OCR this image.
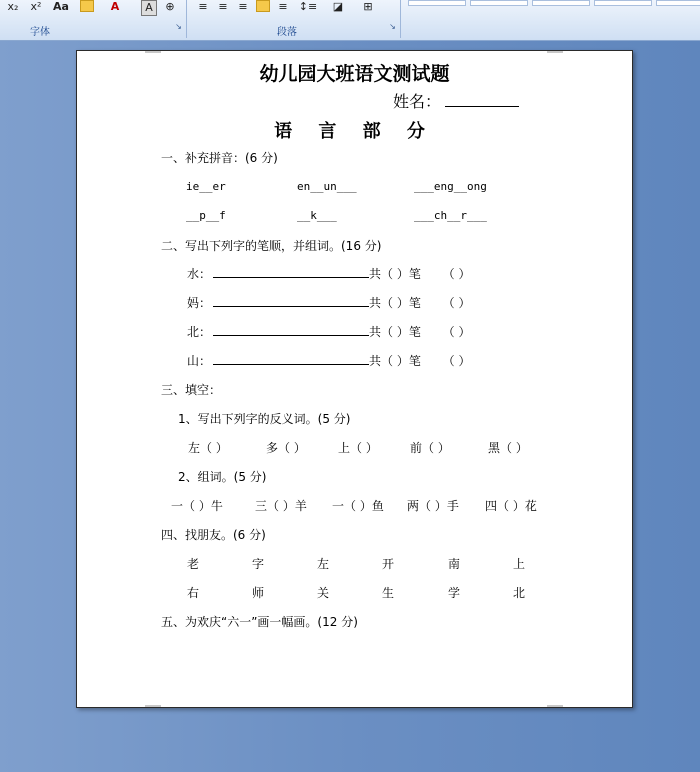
x₂	x²	Aa	A	A	⊕
字体
↘
≡ ≡ ≡	≡ ↕≡ ◪	⊞
段落
↘
幼儿园大班语文测试题
姓名：
语 言 部 分
一、补充拼音：(6 分)
ie__er	en__un___	___eng__ong
__p__f	__k___	___ch__r___
二、写出下列字的笔顺，并组词。(16 分)
水：	共（ ）笔 （ ）
妈：	共（ ）笔 （ ）
北：	共（ ）笔 （ ）
山：	共（ ）笔 （ ）
三、填空：
1、写出下列字的反义词。(5 分)
左（ ）	多（ ）	上（ ）	前（ ）	黑（ ）
2、组词。(5 分)
一（ ）牛	三（ ）羊 一（ ）鱼 两（ ）手 四（ ）花
四、找朋友。(6 分)
老	字	左	开	南	上
右	师	关	生	学	北
五、为欢庆“六一”画一幅画。(12 分)
